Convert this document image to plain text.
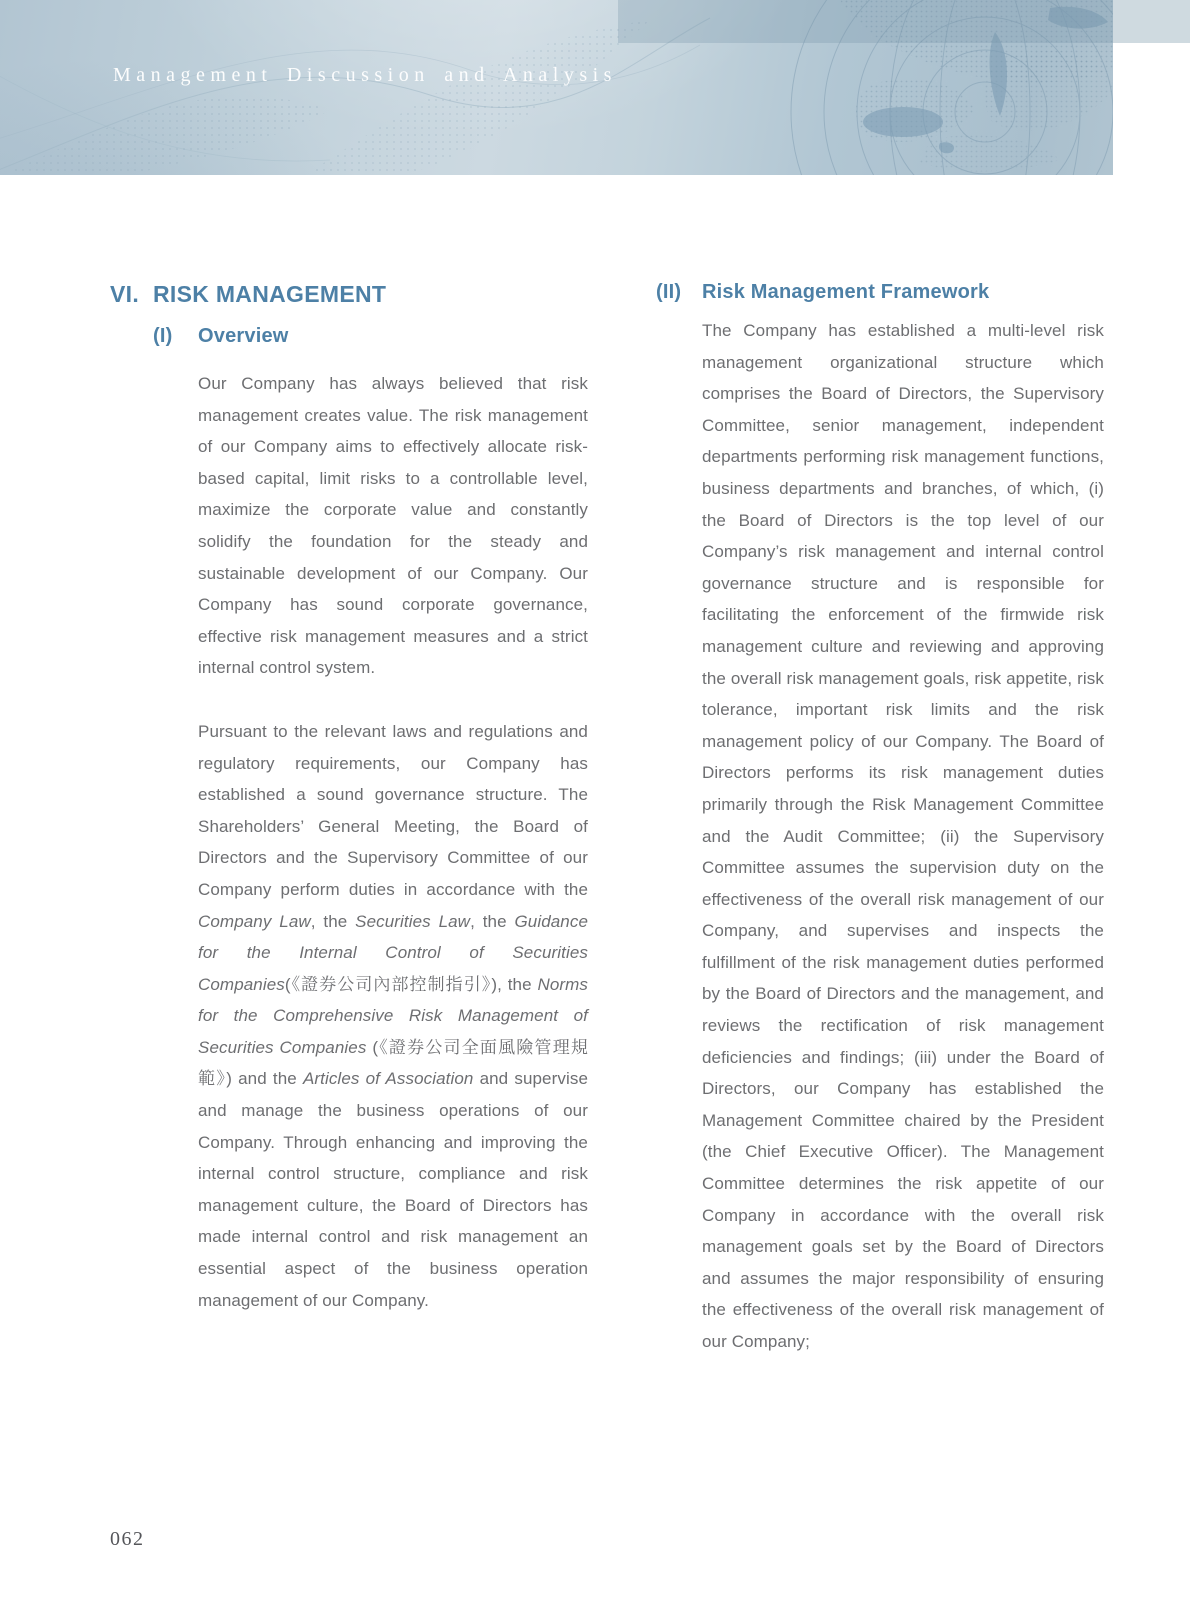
Management Discussion and Analysis
VI. RISK MANAGEMENT
(I) Overview
(II) Risk Management Framework

Our Company has always believed that risk management creates value. The risk management of our Company aims to effectively allocate risk-based capital, limit risks to a controllable level, maximize the corporate value and constantly solidify the foundation for the steady and sustainable development of our Company. Our Company has sound corporate governance, effective risk management measures and a strict internal control system.

Pursuant to the relevant laws and regulations and regulatory requirements, our Company has established a sound governance structure. The Shareholders’ General Meeting, the Board of Directors and the Supervisory Committee of our Company perform duties in accordance with the Company Law, the Securities Law, the Guidance for the Internal Control of Securities Companies(《證券公司內部控制指引》), the Norms for the Comprehensive Risk Management of Securities Companies (《證券公司全面風險管理規範》) and the Articles of Association and supervise and manage the business operations of our Company. Through enhancing and improving the internal control structure, compliance and risk management culture, the Board of Directors has made internal control and risk management an essential aspect of the business operation management of our Company.

The Company has established a multi-level risk management organizational structure which comprises the Board of Directors, the Supervisory Committee, senior management, independent departments performing risk management functions, business departments and branches, of which, (i) the Board of Directors is the top level of our Company’s risk management and internal control governance structure and is responsible for facilitating the enforcement of the firmwide risk management culture and reviewing and approving the overall risk management goals, risk appetite, risk tolerance, important risk limits and the risk management policy of our Company. The Board of Directors performs its risk management duties primarily through the Risk Management Committee and the Audit Committee; (ii) the Supervisory Committee assumes the supervision duty on the effectiveness of the overall risk management of our Company, and supervises and inspects the fulfillment of the risk management duties performed by the Board of Directors and the management, and reviews the rectification of risk management deficiencies and findings; (iii) under the Board of Directors, our Company has established the Management Committee chaired by the President (the Chief Executive Officer). The Management Committee determines the risk appetite of our Company in accordance with the overall risk management goals set by the Board of Directors and assumes the major responsibility of ensuring the effectiveness of the overall risk management of our Company;

062
